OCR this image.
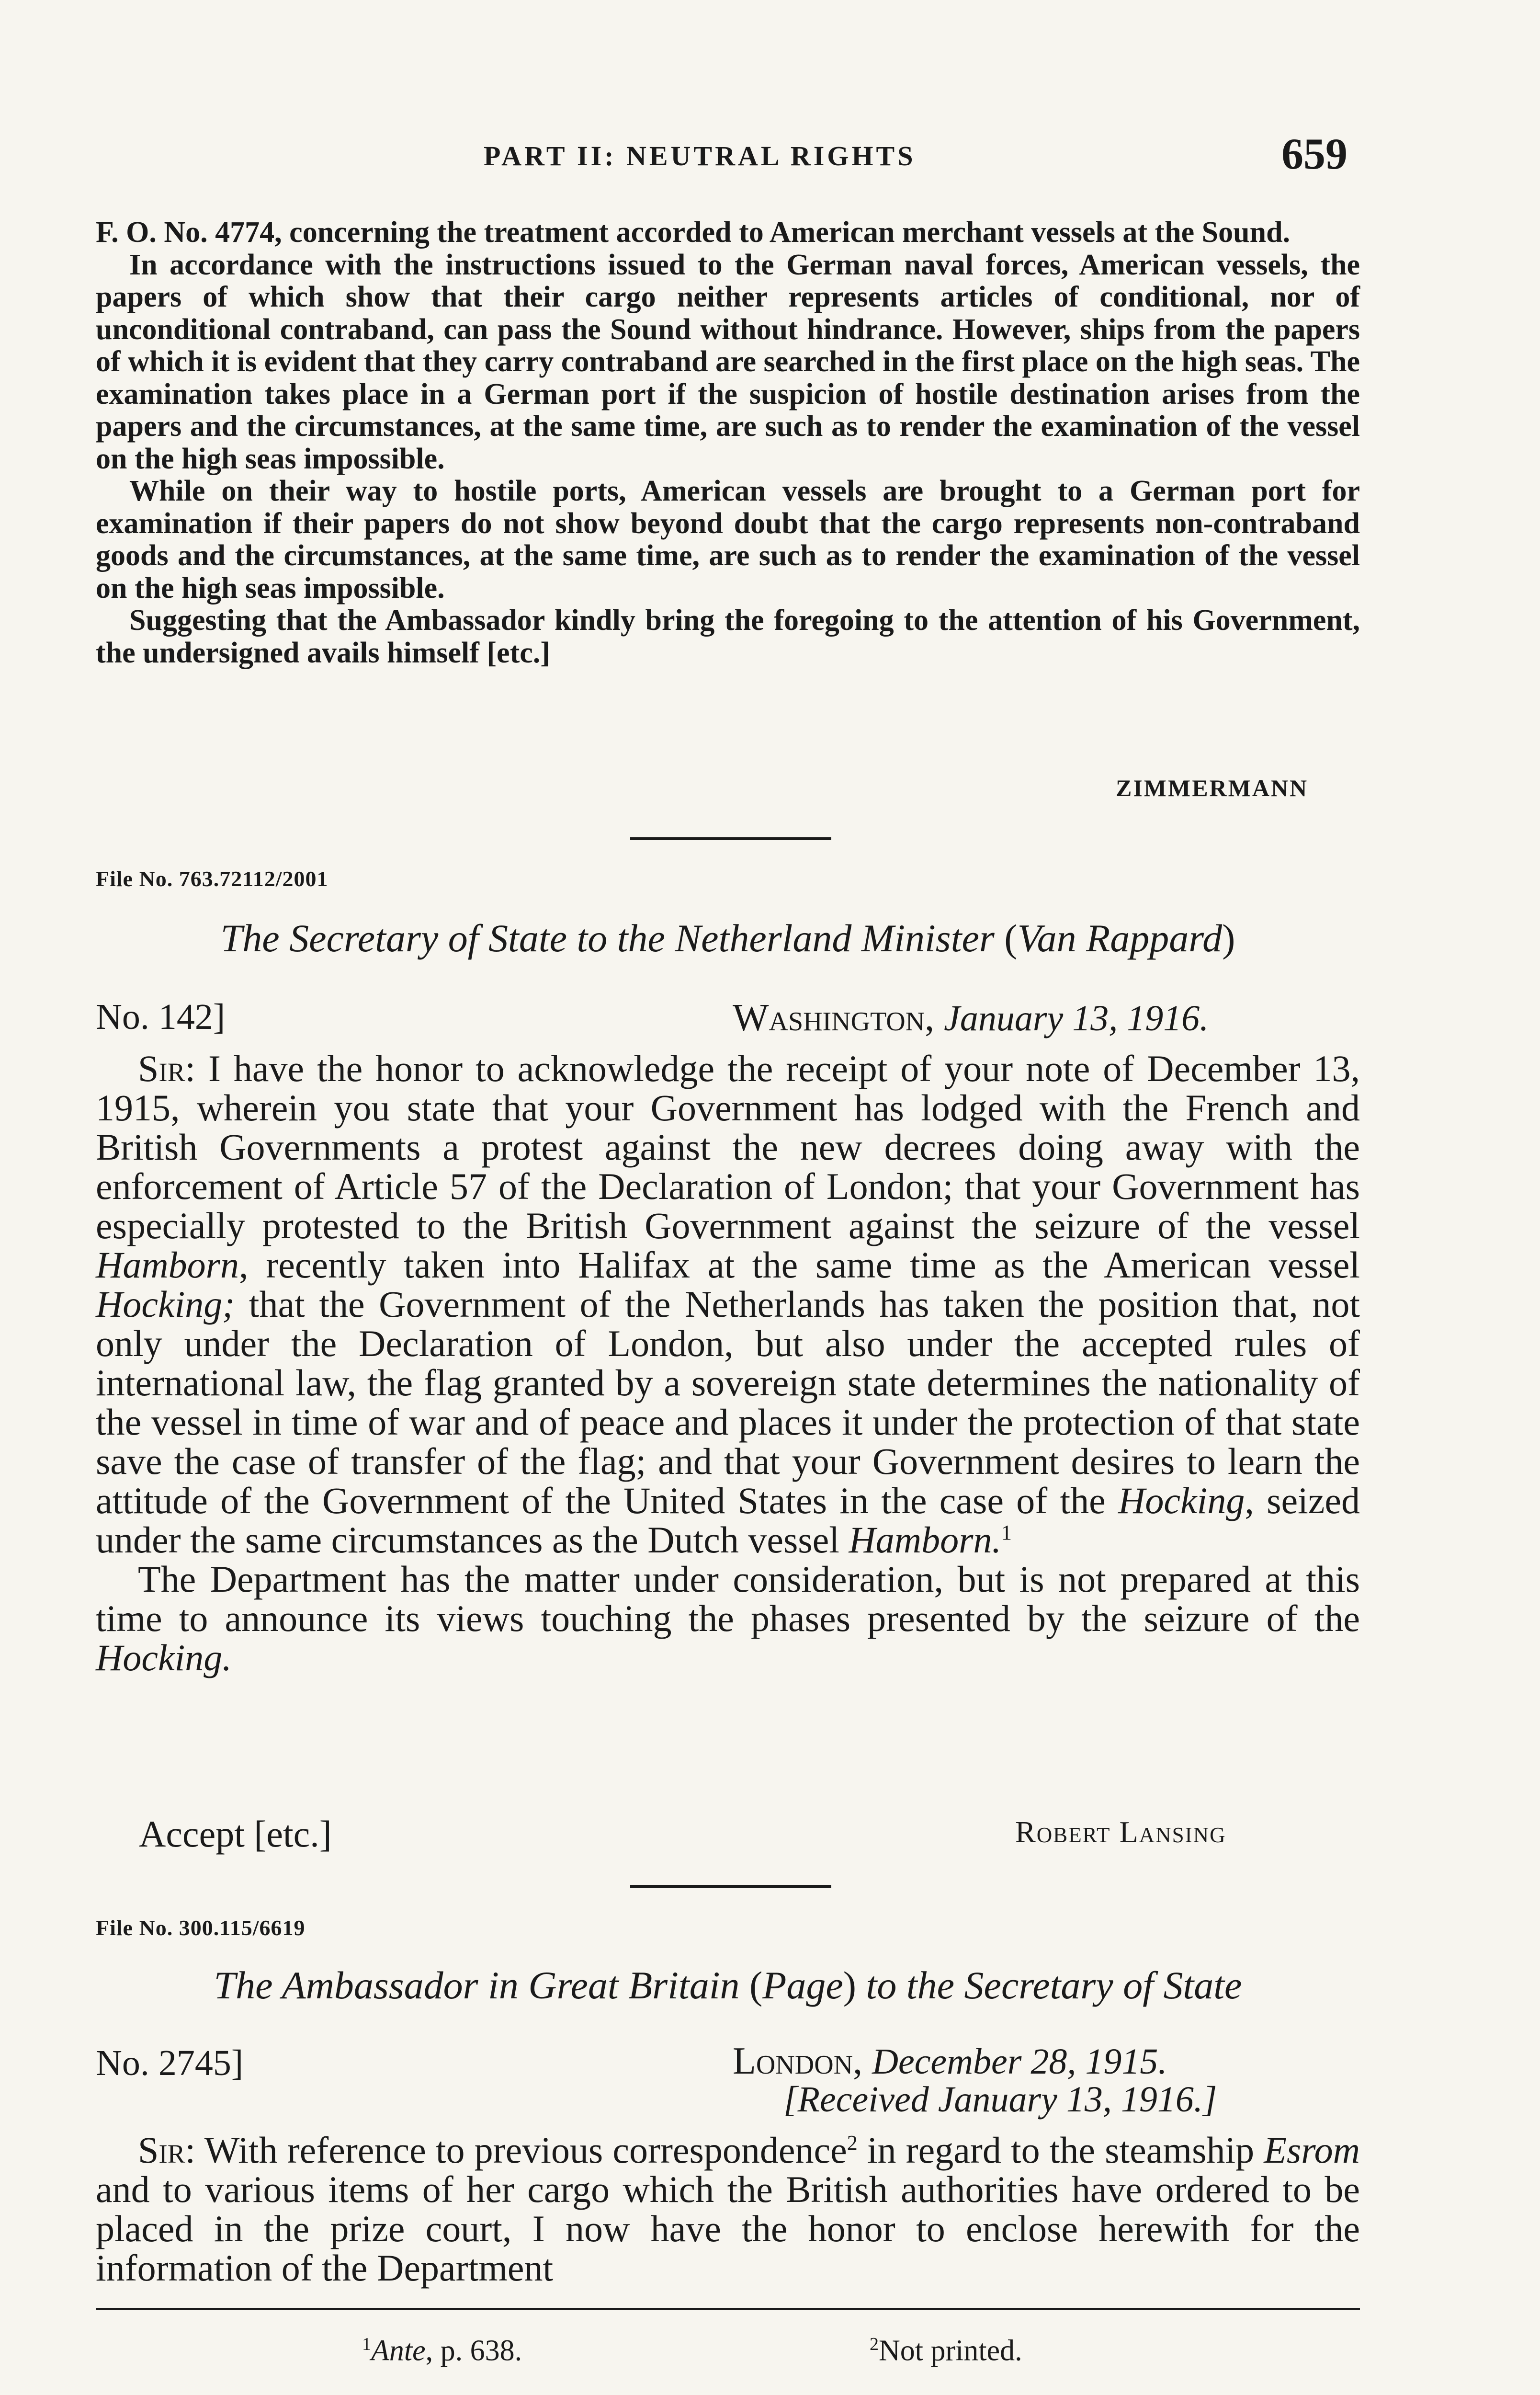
PART II: NEUTRAL RIGHTS	659

F. O. No. 4774, concerning the treatment accorded to American merchant vessels at the Sound.

In accordance with the instructions issued to the German naval forces, American vessels, the papers of which show that their cargo neither represents articles of conditional, nor of unconditional contraband, can pass the Sound without hindrance. However, ships from the papers of which it is evident that they carry contraband are searched in the first place on the high seas. The examination takes place in a German port if the suspicion of hostile destination arises from the papers and the circumstances, at the same time, are such as to render the examination of the vessel on the high seas impossible.

While on their way to hostile ports, American vessels are brought to a German port for examination if their papers do not show beyond doubt that the cargo represents non-contraband goods and the circumstances, at the same time, are such as to render the examination of the vessel on the high seas impossible.

Suggesting that the Ambassador kindly bring the foregoing to the attention of his Government, the undersigned avails himself [etc.]

ZIMMERMANN
File No. 763.72112/2001
The Secretary of State to the Netherland Minister (Van Rappard)
No. 142]	Washington, January 13, 1916.

Sir: I have the honor to acknowledge the receipt of your note of December 13, 1915, wherein you state that your Government has lodged with the French and British Governments a protest against the new decrees doing away with the enforcement of Article 57 of the Declaration of London; that your Government has especially protested to the British Government against the seizure of the vessel Hamborn, recently taken into Halifax at the same time as the American vessel Hocking; that the Government of the Netherlands has taken the position that, not only under the Declaration of London, but also under the accepted rules of international law, the flag granted by a sovereign state determines the nationality of the vessel in time of war and of peace and places it under the protection of that state save the case of transfer of the flag; and that your Government desires to learn the attitude of the Government of the United States in the case of the Hocking, seized under the same circumstances as the Dutch vessel Hamborn.$^1$

The Department has the matter under consideration, but is not prepared at this time to announce its views touching the phases presented by the seizure of the Hocking.

Accept [etc.]	Robert Lansing
File No. 300.115/6619
The Ambassador in Great Britain (Page) to the Secretary of State
No. 2745]	London, December 28, 1915.
[Received January 13, 1916.]

Sir: With reference to previous correspondence$^2$ in regard to the steamship Esrom and to various items of her cargo which the British authorities have ordered to be placed in the prize court, I now have the honor to enclose herewith for the information of the Department

$^1$Ante, p. 638.	$^2$Not printed.
